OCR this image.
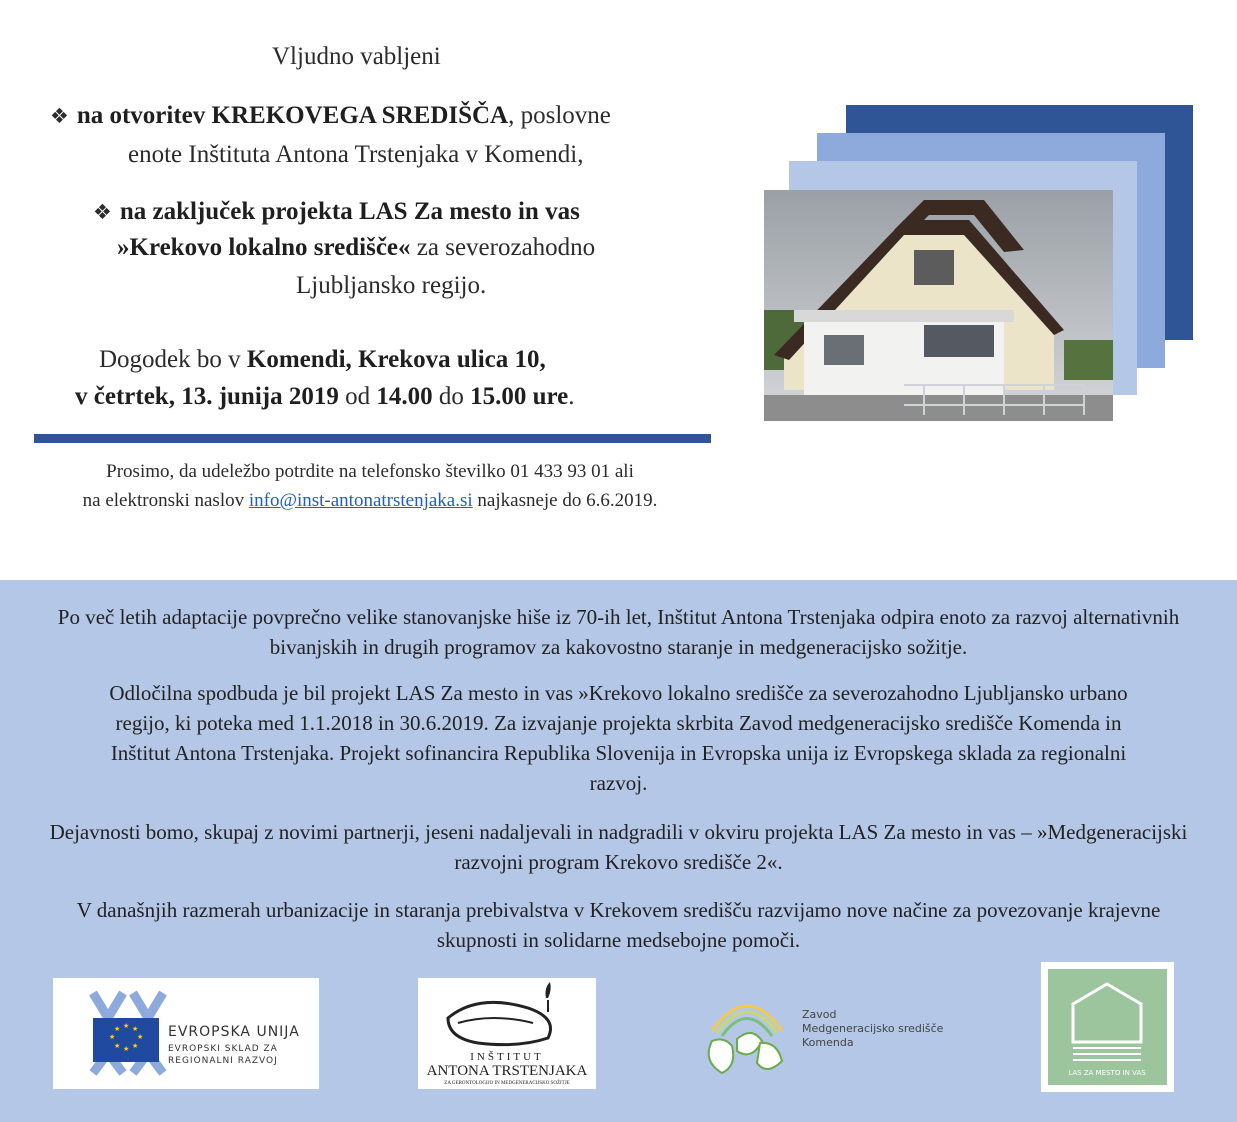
Vljudno vabljeni
❖ na otvoritev KREKOVEGA SREDIŠČA, poslovne
enote Inštituta Antona Trstenjaka v Komendi,
❖ na zaključek projekta LAS Za mesto in vas
»Krekovo lokalno središče« za severozahodno
Ljubljansko regijo.
Dogodek bo v Komendi, Krekova ulica 10,
v četrtek, 13. junija 2019 od 14.00 do 15.00 ure.
Prosimo, da udeležbo potrdite na telefonsko številko 01 433 93 01 ali
na elektronski naslov info@inst-antonatrstenjaka.si najkasneje do 6.6.2019.

Po več letih adaptacije povprečno velike stanovanjske hiše iz 70-ih let, Inštitut Antona Trstenjaka odpira enoto za razvoj alternativnih bivanjskih in drugih programov za kakovostno staranje in medgeneracijsko sožitje.

Odločilna spodbuda je bil projekt LAS Za mesto in vas »Krekovo lokalno središče za severozahodno Ljubljansko urbano regijo, ki poteka med 1.1.2018 in 30.6.2019. Za izvajanje projekta skrbita Zavod medgeneracijsko središče Komenda in Inštitut Antona Trstenjaka. Projekt sofinancira Republika Slovenija in Evropska unija iz Evropskega sklada za regionalni razvoj.

Dejavnosti bomo, skupaj z novimi partnerji, jeseni nadaljevali in nadgradili v okviru projekta LAS Za mesto in vas – »Medgeneracijski razvojni program Krekovo središče 2«.

V današnjih razmerah urbanizacije in staranja prebivalstva v Krekovem središču razvijamo nove načine za povezovanje krajevne skupnosti in solidarne medsebojne pomoči.

★ ★
★
★
★
★
★
★	EVROPSKA UNIJA
EVROPSKI SKLAD ZA
REGIONALNI RAZVOJ	INŠTITUT
ANTONA TRSTENJAKA
ZA GERONTOLOGIJO IN MEDGENERACIJSKO SOŽITJE
Zavod
Medgeneracijsko središče
Komenda
LAS ZA MESTO IN VAS
